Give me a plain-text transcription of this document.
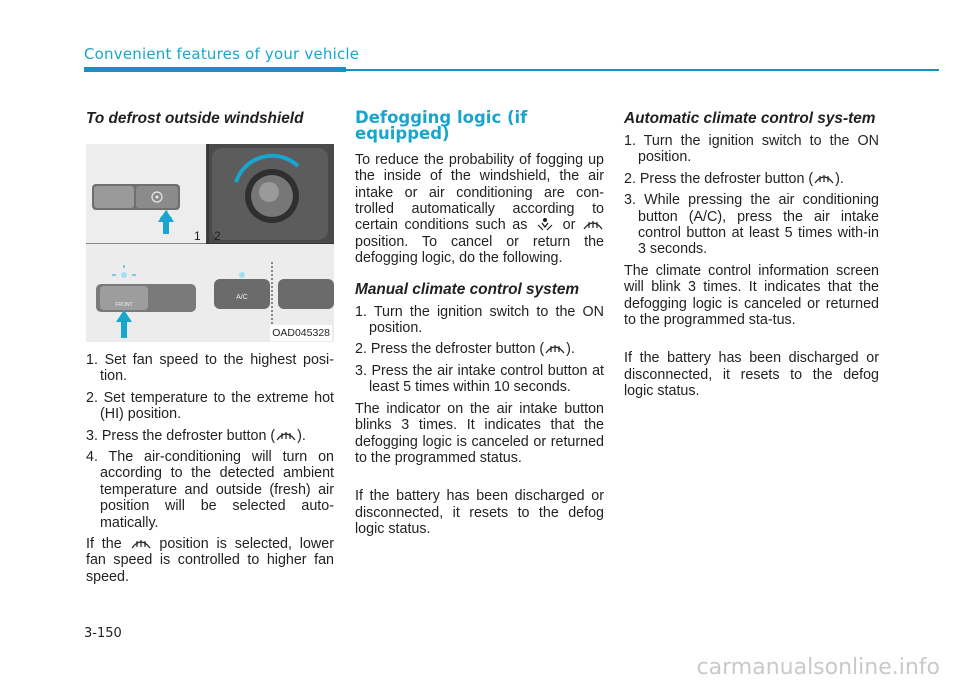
Convenient features of your vehicle
To defrost outside windshield
1 2
FRONT
A/C
OAD045328
1. Set fan speed to the highest posi-tion.
2. Set temperature to the extreme hot (HI) position.
3. Press the defroster button ( ).
4. The air-conditioning will turn on according to the detected ambient temperature and outside (fresh) air position will be selected auto-matically.

If the	position is selected, lower fan speed is controlled to higher fan speed.

Defogging logic (if equipped)

To reduce the probability of fogging up the inside of the windshield, the air intake or air conditioning are con-trolled automatically according to certain conditions such as or  position. To cancel or return the defogging logic, do the following.

Manual climate control system
1. Turn the ignition switch to the ON position.
2. Press the defroster button ( ).
3. Press the air intake control button at least 5 times within 10 seconds.

The indicator on the air intake button blinks 3 times. It indicates that the defogging logic is canceled or returned to the programmed status.

If the battery has been discharged or disconnected, it resets to the defog logic status.

Automatic climate control sys-tem
1. Turn the ignition switch to the ON position.
2. Press the defroster button ( ).
3. While pressing the air conditioning button (A/C), press the air intake control button at least 5 times with-in 3 seconds.

The climate control information screen will blink 3 times. It indicates that the defogging logic is canceled or returned to the programmed sta-tus.

If the battery has been discharged or disconnected, it resets to the defog logic status.

3-150
carmanualsonline.info
